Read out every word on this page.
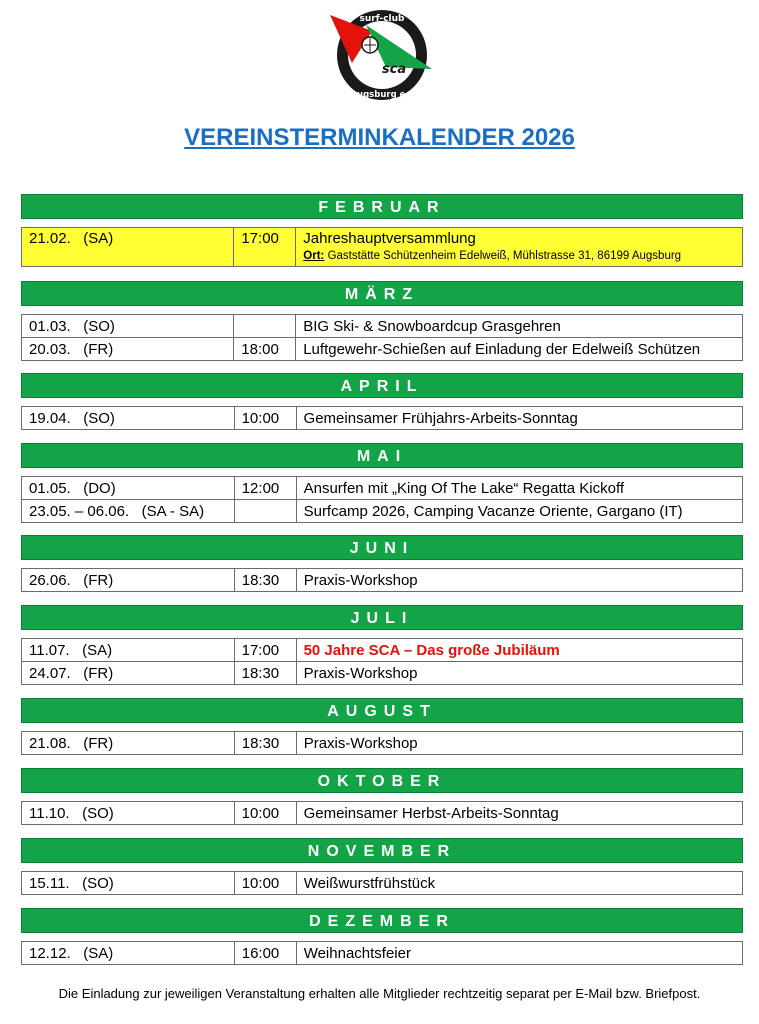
surf-club
sca
augsburg e.v.
VEREINSTERMINKALENDER 2026
FEBRUAR
21.02.   (SA)	17:00	Jahreshauptversammlung
Ort: Gaststätte Schützenheim Edelweiß, Mühlstrasse 31, 86199 Augsburg
MÄRZ
01.03.   (SO)		BIG Ski- & Snowboardcup Grasgehren
20.03.   (FR)	18:00	Luftgewehr-Schießen auf Einladung der Edelweiß Schützen
APRIL
19.04.   (SO)	10:00	Gemeinsamer Frühjahrs-Arbeits-Sonntag
MAI
01.05.   (DO)	12:00	Ansurfen mit „King Of The Lake“ Regatta Kickoff
23.05. – 06.06.   (SA - SA)		Surfcamp 2026, Camping Vacanze Oriente, Gargano (IT)
JUNI
26.06.   (FR)	18:30	Praxis-Workshop
JULI
11.07.   (SA)	17:00	50 Jahre SCA – Das große Jubiläum
24.07.   (FR)	18:30	Praxis-Workshop
AUGUST
21.08.   (FR)	18:30	Praxis-Workshop
OKTOBER
11.10.   (SO)	10:00	Gemeinsamer Herbst-Arbeits-Sonntag
NOVEMBER
15.11.   (SO)	10:00	Weißwurstfrühstück
DEZEMBER
12.12.   (SA)	16:00	Weihnachtsfeier
Die Einladung zur jeweiligen Veranstaltung erhalten alle Mitglieder rechtzeitig separat per E-Mail bzw. Briefpost.
